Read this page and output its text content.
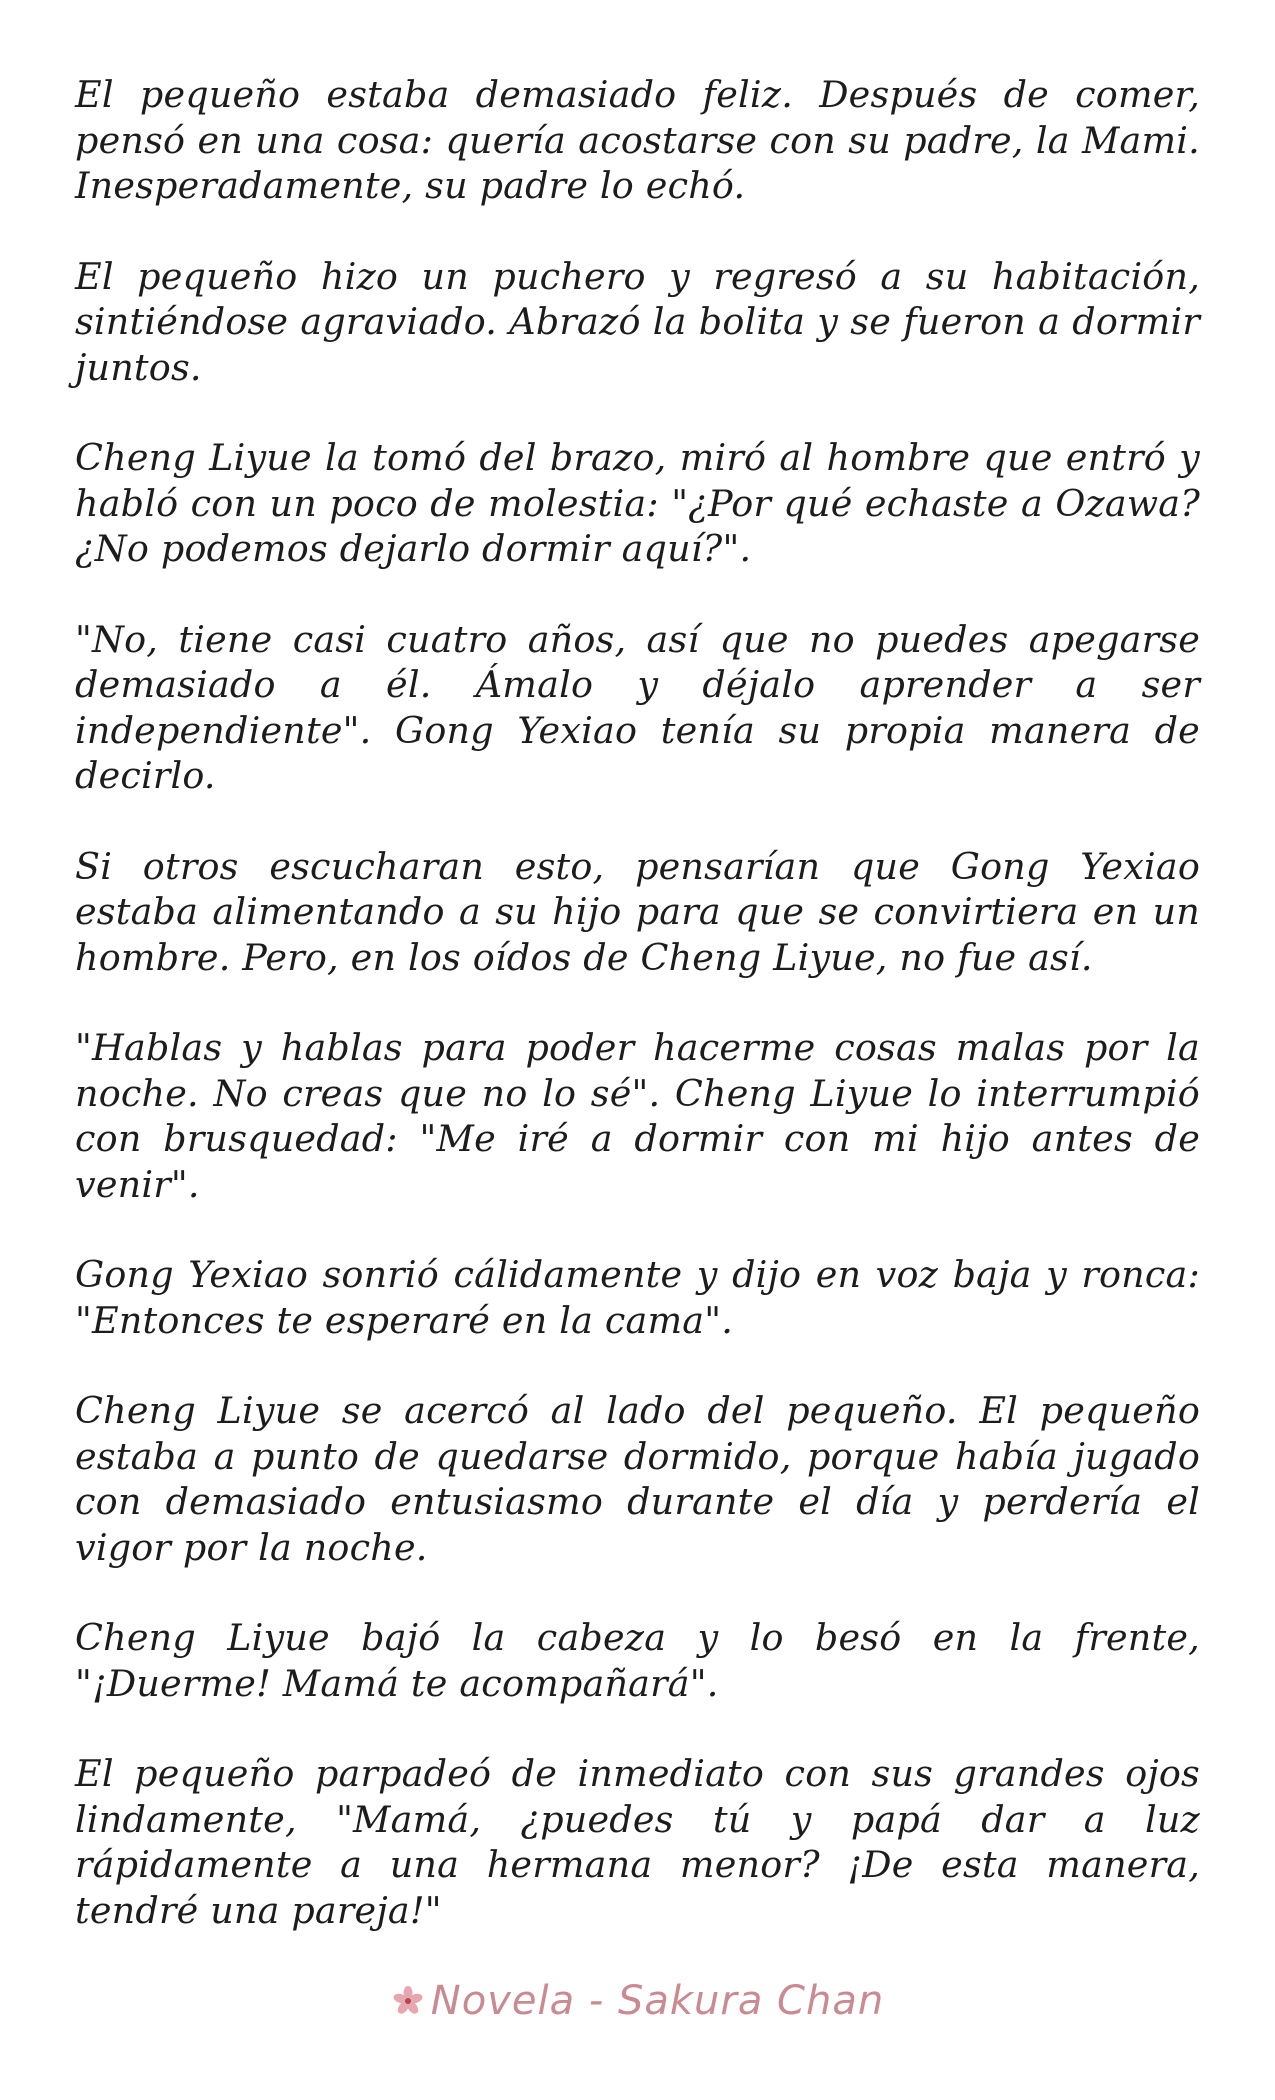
El pequeño estaba demasiado feliz. Después de comer, pensó en una cosa: quería acostarse con su padre, la Mami. Inesperadamente, su padre lo echó.

El pequeño hizo un puchero y regresó a su habitación, sintiéndose agraviado. Abrazó la bolita y se fueron a dormir juntos.

Cheng Liyue la tomó del brazo, miró al hombre que entró y habló con un poco de molestia: "¿Por qué echaste a Ozawa? ¿No podemos dejarlo dormir aquí?".

"No, tiene casi cuatro años, así que no puedes apegarse demasiado a él. Ámalo y déjalo aprender a ser independiente". Gong Yexiao tenía su propia manera de decirlo.

Si otros escucharan esto, pensarían que Gong Yexiao estaba alimentando a su hijo para que se convirtiera en un hombre. Pero, en los oídos de Cheng Liyue, no fue así.

"Hablas y hablas para poder hacerme cosas malas por la noche. No creas que no lo sé". Cheng Liyue lo interrumpió con brusquedad: "Me iré a dormir con mi hijo antes de venir".

Gong Yexiao sonrió cálidamente y dijo en voz baja y ronca: "Entonces te esperaré en la cama".

Cheng Liyue se acercó al lado del pequeño. El pequeño estaba a punto de quedarse dormido, porque había jugado con demasiado entusiasmo durante el día y perdería el vigor por la noche.

Cheng Liyue bajó la cabeza y lo besó en la frente, "¡Duerme! Mamá te acompañará".

El pequeño parpadeó de inmediato con sus grandes ojos lindamente, "Mamá, ¿puedes tú y papá dar a luz rápidamente a una hermana menor? ¡De esta manera, tendré una pareja!"

Novela - Sakura Chan
